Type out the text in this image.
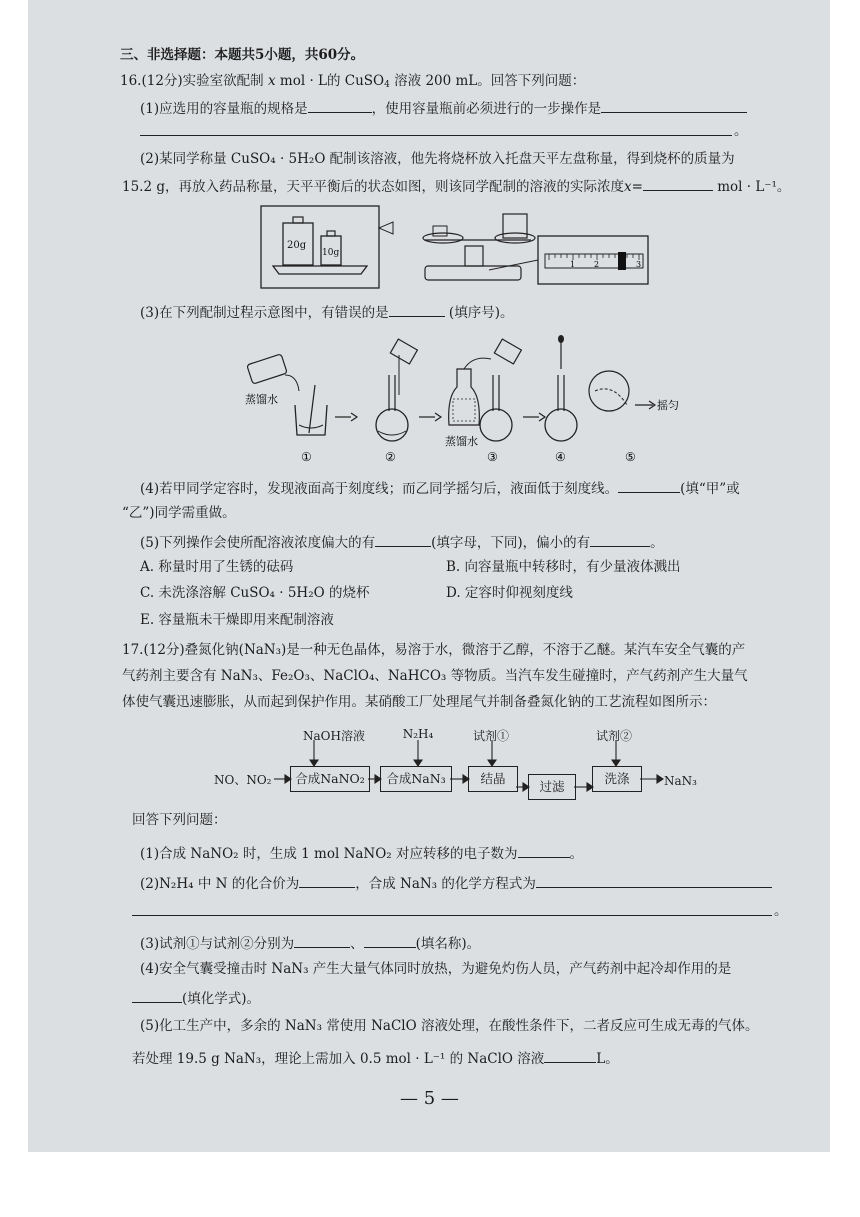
三、非选择题：本题共5小题，共60分。
16.(12分)实验室欲配制 x mol · L的 CuSO$_4$ 溶液 200 mL。回答下列问题：
(1)应选用的容量瓶的规格是	，使用容量瓶前必须进行的一步操作是
。
(2)某同学称量 CuSO₄ · 5H₂O 配制该溶液，他先将烧杯放入托盘天平左盘称量，得到烧杯的质量为
15.2 g，再放入药品称量，天平平衡后的状态如图，则该同学配制的溶液的实际浓度x=	mol · L⁻¹。
20g
10g
1 2	3
(3)在下列配制过程示意图中，有错误的是	(填序号)。
蒸馏水
①	②
蒸馏水
③	④
摇匀
⑤
(4)若甲同学定容时，发现液面高于刻度线；而乙同学摇匀后，液面低于刻度线。	(填“甲”或
“乙”)同学需重做。
(5)下列操作会使所配溶液浓度偏大的有	(填字母，下同)，偏小的有	。
A. 称量时用了生锈的砝码	B. 向容量瓶中转移时，有少量液体溅出
C. 未洗涤溶解 CuSO₄ · 5H₂O 的烧杯	D. 定容时仰视刻度线
E. 容量瓶未干燥即用来配制溶液
17.(12分)叠氮化钠(NaN₃)是一种无色晶体，易溶于水，微溶于乙醇，不溶于乙醚。某汽车安全气囊的产
气药剂主要含有 NaN₃、Fe₂O₃、NaClO₄、NaHCO₃ 等物质。当汽车发生碰撞时，产气药剂产生大量气
体使气囊迅速膨胀，从而起到保护作用。某硝酸工厂处理尾气并制备叠氮化钠的工艺流程如图所示：
NaOH溶液	N₂H₄	试剂①	试剂②
NO、NO₂	合成NaNO₂	合成NaN₃	结晶
过滤
洗涤	NaN₃
回答下列问题：
(1)合成 NaNO₂ 时，生成 1 mol NaNO₂ 对应转移的电子数为	。
(2)N₂H₄ 中 N 的化合价为	，合成 NaN₃ 的化学方程式为
。
(3)试剂①与试剂②分别为	、	(填名称)。
(4)安全气囊受撞击时 NaN₃ 产生大量气体同时放热，为避免灼伤人员，产气药剂中起冷却作用的是
(填化学式)。
(5)化工生产中，多余的 NaN₃ 常使用 NaClO 溶液处理，在酸性条件下，二者反应可生成无毒的气体。
若处理 19.5 g NaN₃，理论上需加入 0.5 mol · L⁻¹ 的 NaClO 溶液	L。
— 5 —
